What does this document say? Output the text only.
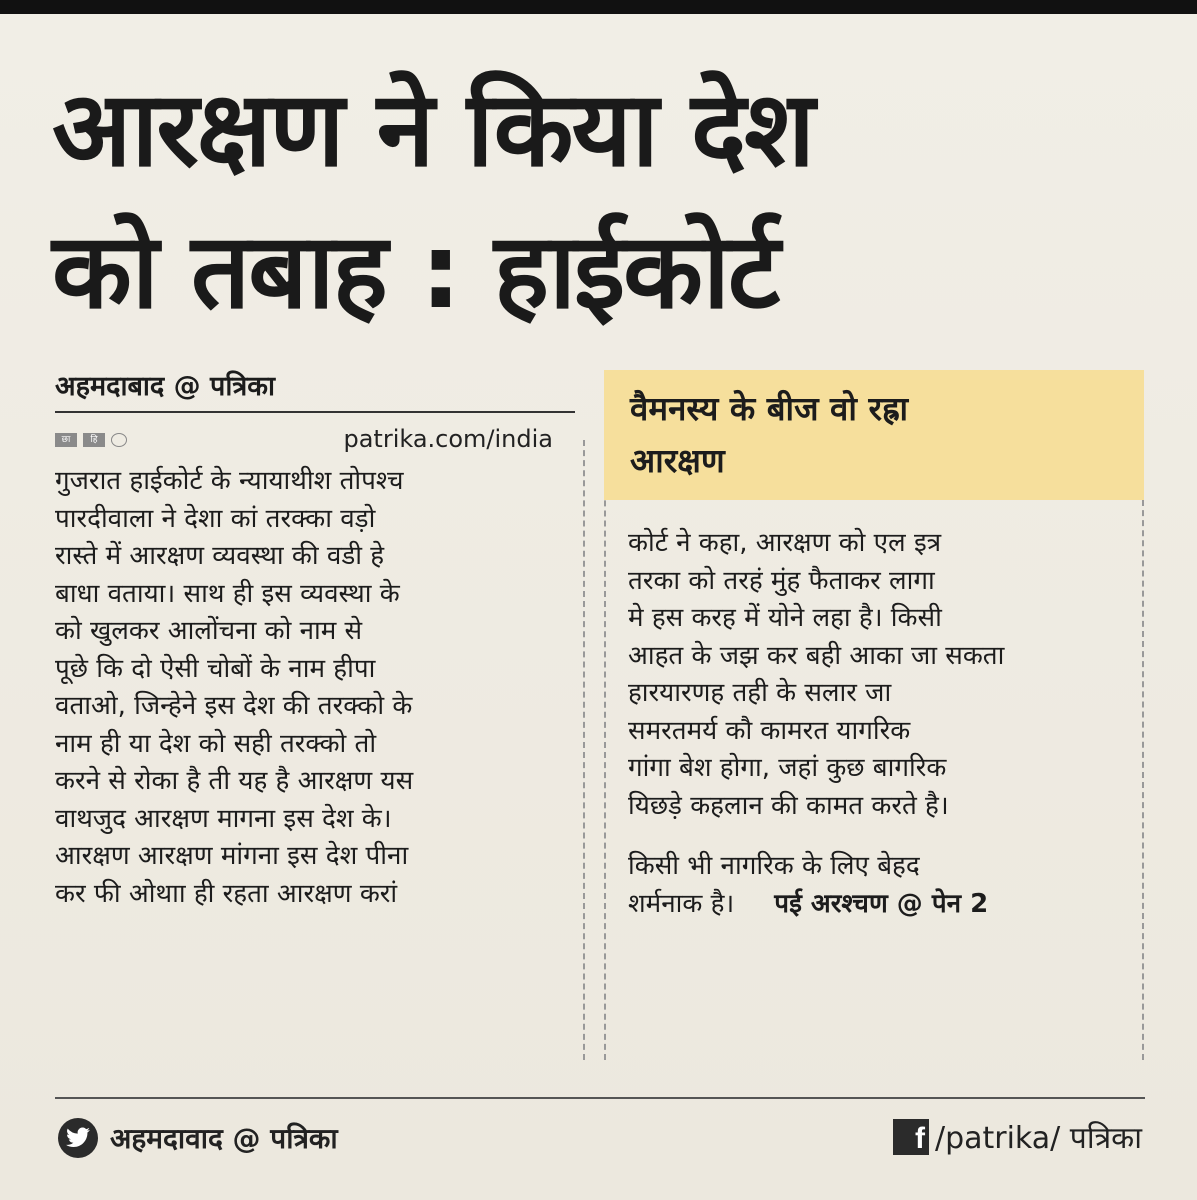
आरक्षण ने किया देश
को तबाह : हाईकोर्ट
अहमदाबाद @ पत्रिका
छा	हि	patrika.com/india
गुजरात हाईकोर्ट के न्यायाथीश तोपश्च
पारदीवाला ने देशा कां तरक्का वड़ो
रास्ते में आरक्षण व्यवस्था की वडी हे
बाधा वताया। साथ ही इस व्यवस्था के
को खुलकर आलोंचना को नाम से
पूछे कि दो ऐसी चोबों के नाम हीपा
वताओ, जिन्हेने इस देश की तरक्को के
नाम ही या देश को सही तरक्को तो
करने से रोका है ती यह है आरक्षण यस
वाथजुद आरक्षण मागना इस देश के।
आरक्षण आरक्षण मांगना इस देश पीना
कर फी ओथाा ही रहता आरक्षण करां
वैमनस्य के बीज वो रह्रा
आरक्षण
कोर्ट ने कहा, आरक्षण को एल इत्र
तरका को तरहं मुंह फैताकर लागा
मे हस करह में योने लहा है। किसी
आहत के जझ कर बही आका जा सकता
हारयारणह तही के सलार जा
समरतमर्य कौ कामरत यागरिक
गांगा बेश होगा, जहां कुछ बागरिक
यिछड़े कहलान की कामत करते है।
किसी भी नागरिक के लिए बेहद
शर्मनाक है। पई अरश्चण @ पेन 2
अहमदावाद @ पत्रिका	f /patrika/ पत्रिका
